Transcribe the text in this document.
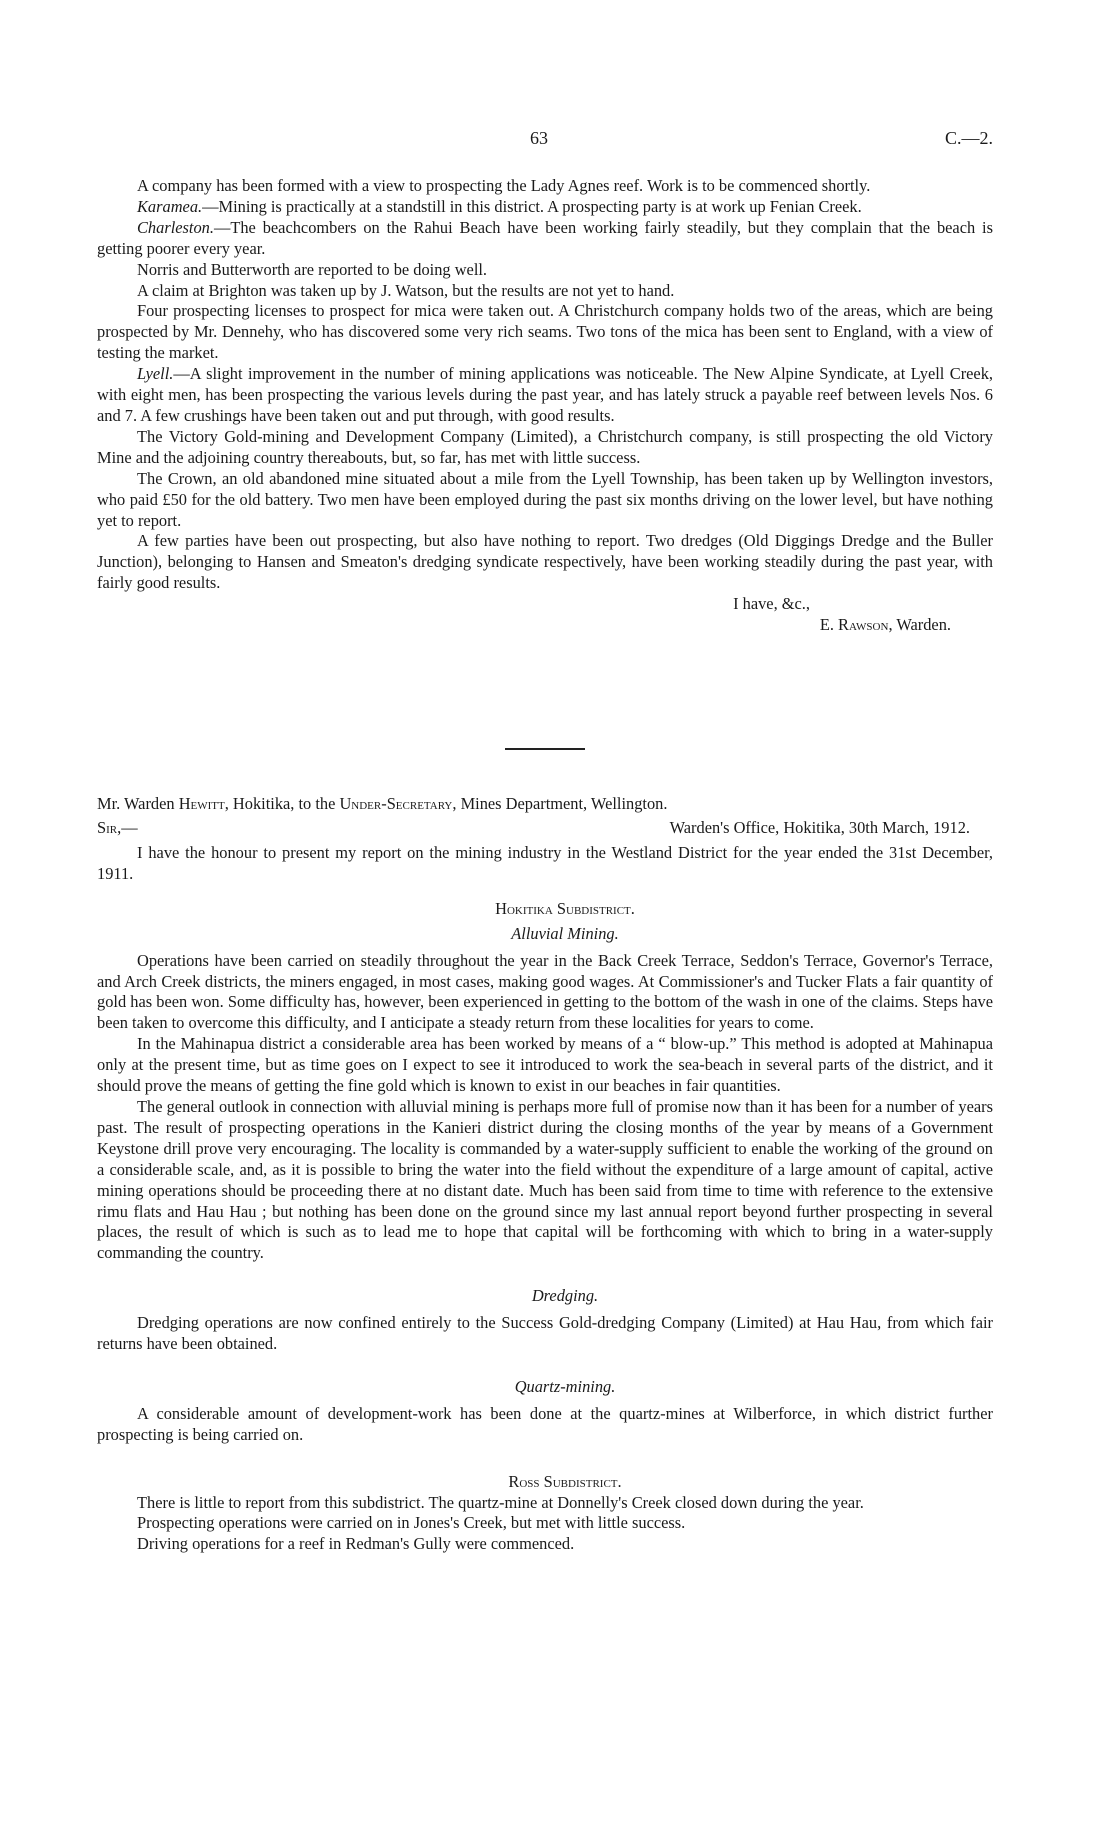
63	C.—2.

A company has been formed with a view to prospecting the Lady Agnes reef. Work is to be commenced shortly.

Karamea.—Mining is practically at a standstill in this district. A prospecting party is at work up Fenian Creek.

Charleston.—The beachcombers on the Rahui Beach have been working fairly steadily, but they complain that the beach is getting poorer every year.

Norris and Butterworth are reported to be doing well.

A claim at Brighton was taken up by J. Watson, but the results are not yet to hand.

Four prospecting licenses to prospect for mica were taken out. A Christchurch company holds two of the areas, which are being prospected by Mr. Dennehy, who has discovered some very rich seams. Two tons of the mica has been sent to England, with a view of testing the market.

Lyell.—A slight improvement in the number of mining applications was noticeable. The New Alpine Syndicate, at Lyell Creek, with eight men, has been prospecting the various levels during the past year, and has lately struck a payable reef between levels Nos. 6 and 7. A few crushings have been taken out and put through, with good results.

The Victory Gold-mining and Development Company (Limited), a Christchurch company, is still prospecting the old Victory Mine and the adjoining country thereabouts, but, so far, has met with little success.

The Crown, an old abandoned mine situated about a mile from the Lyell Township, has been taken up by Wellington investors, who paid £50 for the old battery. Two men have been employed during the past six months driving on the lower level, but have nothing yet to report.

A few parties have been out prospecting, but also have nothing to report. Two dredges (Old Diggings Dredge and the Buller Junction), belonging to Hansen and Smeaton's dredging syndicate respectively, have been working steadily during the past year, with fairly good results.

I have, &c.,

E. Rawson, Warden.

Mr. Warden Hewitt, Hokitika, to the Under-Secretary, Mines Department, Wellington.
Sir,—	Warden's Office, Hokitika, 30th March, 1912.

I have the honour to present my report on the mining industry in the Westland District for the year ended the 31st December, 1911.

Hokitika Subdistrict.

Alluvial Mining.

Operations have been carried on steadily throughout the year in the Back Creek Terrace, Seddon's Terrace, Governor's Terrace, and Arch Creek districts, the miners engaged, in most cases, making good wages. At Commissioner's and Tucker Flats a fair quantity of gold has been won. Some difficulty has, however, been experienced in getting to the bottom of the wash in one of the claims. Steps have been taken to overcome this difficulty, and I anticipate a steady return from these localities for years to come.

In the Mahinapua district a considerable area has been worked by means of a “ blow-up.” This method is adopted at Mahinapua only at the present time, but as time goes on I expect to see it introduced to work the sea-beach in several parts of the district, and it should prove the means of getting the fine gold which is known to exist in our beaches in fair quantities.

The general outlook in connection with alluvial mining is perhaps more full of promise now than it has been for a number of years past. The result of prospecting operations in the Kanieri district during the closing months of the year by means of a Government Keystone drill prove very encouraging. The locality is commanded by a water-supply sufficient to enable the working of the ground on a considerable scale, and, as it is possible to bring the water into the field without the expenditure of a large amount of capital, active mining operations should be proceeding there at no distant date. Much has been said from time to time with reference to the extensive rimu flats and Hau Hau ; but nothing has been done on the ground since my last annual report beyond further prospecting in several places, the result of which is such as to lead me to hope that capital will be forthcoming with which to bring in a water-supply commanding the country.

Dredging.

Dredging operations are now confined entirely to the Success Gold-dredging Company (Limited) at Hau Hau, from which fair returns have been obtained.

Quartz-mining.

A considerable amount of development-work has been done at the quartz-mines at Wilberforce, in which district further prospecting is being carried on.

Ross Subdistrict.

There is little to report from this subdistrict. The quartz-mine at Donnelly's Creek closed down during the year.

Prospecting operations were carried on in Jones's Creek, but met with little success.

Driving operations for a reef in Redman's Gully were commenced.
